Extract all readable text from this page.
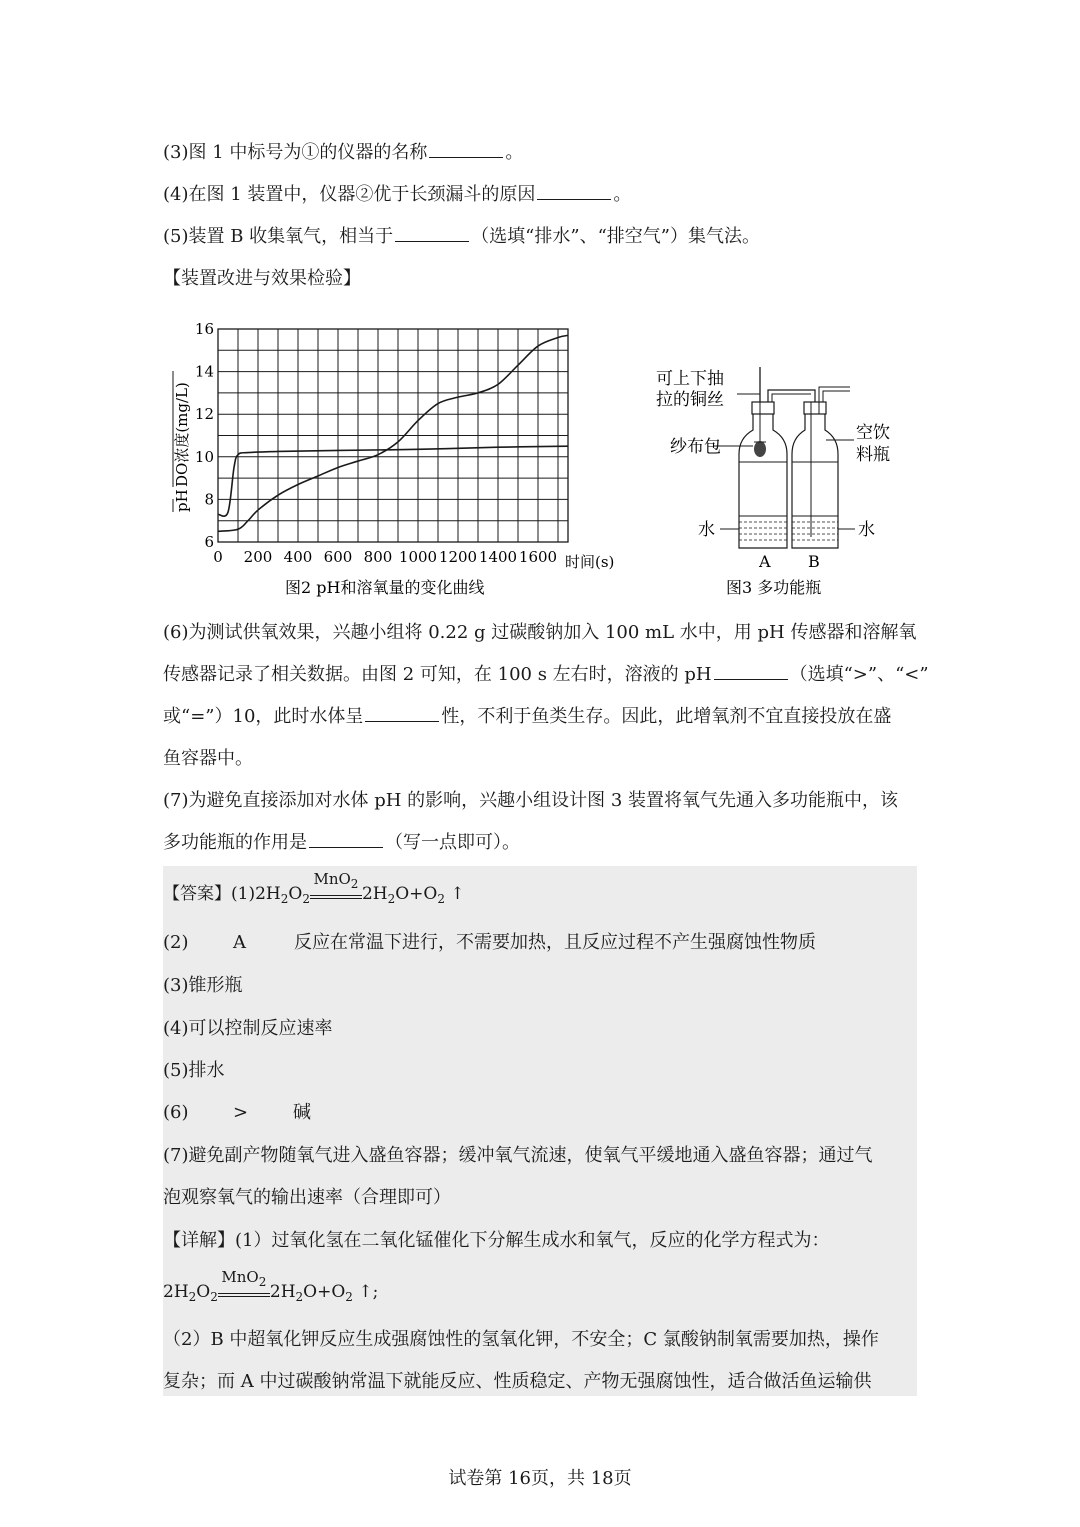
(3)图 1 中标号为①的仪器的名称	。
(4)在图 1 装置中，仪器②优于长颈漏斗的原因	。
(5)装置 B 收集氧气，相当于	（选填“排水”、“排空气”）集气法。
【装置改进与效果检验】
0 200 400 600 800 1000 1200 1400 1600
6
8
10
12
14
16
pH
DO浓度(mg/L)
时间(s)
图2 pH和溶氧量的变化曲线
可上下抽
拉的铜丝
纱布包
空饮
料瓶
水	水
A B
图3 多功能瓶
(6)为测试供氧效果，兴趣小组将 0.22 g 过碳酸钠加入 100 mL 水中，用 pH 传感器和溶解氧
传感器记录了相关数据。由图 2 可知，在 100 s 左右时，溶液的 pH	（选填“>”、“<”
或“=”）10，此时水体呈	性，不利于鱼类生存。因此，此增氧剂不宜直接投放在盛
鱼容器中。
(7)为避免直接添加对水体 pH 的影响，兴趣小组设计图 3 装置将氧气先通入多功能瓶中，该
多功能瓶的作用是	（写一点即可）。
【答案】$(1)2H_2O_2$
MnO$_2$ $2H_2O+O_2$ ↑
(2) A	反应在常温下进行，不需要加热，且反应过程不产生强腐蚀性物质
(3)锥形瓶
(4)可以控制反应速率
(5)排水
(6) > 碱
(7)避免副产物随氧气进入盛鱼容器；缓冲氧气流速，使氧气平缓地通入盛鱼容器；通过气
泡观察氧气的输出速率（合理即可）
【详解】(1）过氧化氢在二氧化锰催化下分解生成水和氧气，反应的化学方程式为：
$2H_2O_2$
MnO$_2$ $2H_2O+O_2$ ↑;
（2）B 中超氧化钾反应生成强腐蚀性的氢氧化钾，不安全；C 氯酸钠制氧需要加热，操作
复杂；而 A 中过碳酸钠常温下就能反应、性质稳定、产物无强腐蚀性，适合做活鱼运输供
试卷第 16页，共 18页
